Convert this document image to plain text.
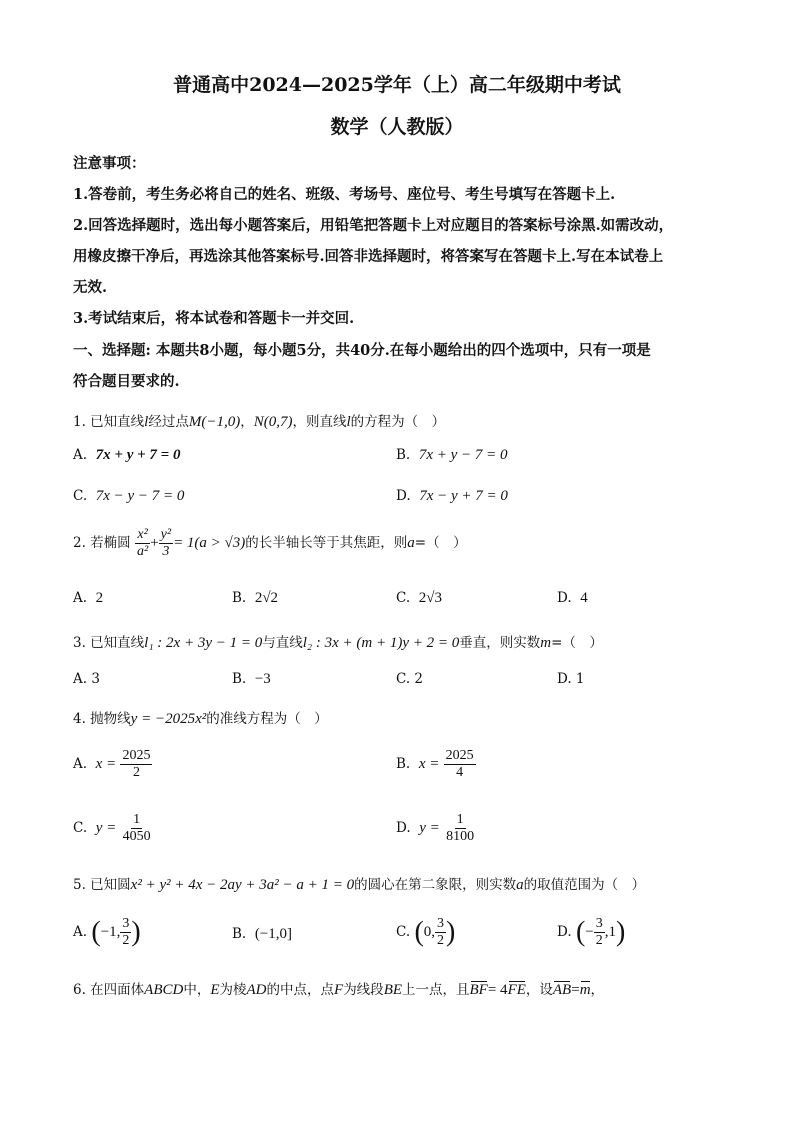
普通高中2024—2025学年（上）高二年级期中考试
数学（人教版）
注意事项：
1.答卷前，考生务必将自己的姓名、班级、考场号、座位号、考生号填写在答题卡上.
2.回答选择题时，选出每小题答案后，用铅笔把答题卡上对应题目的答案标号涂黑.如需改动，
用橡皮擦干净后，再选涂其他答案标号.回答非选择题时，将答案写在答题卡上.写在本试卷上
无效.
3.考试结束后，将本试卷和答题卡一并交回.
一、选择题: 本题共8小题，每小题5分，共40分.在每小题给出的四个选项中，只有一项是
符合题目要求的.
1. 已知直线l经过点M(−1,0)，N(0,7)，则直线l的方程为（　）
A. 7x + y + 7 = 0	B. 7x + y − 7 = 0
C. 7x − y − 7 = 0	D. 7x − y + 7 = 0
2. 若椭圆 $\frac{\text{x²}}{\text{a²}} + \frac{\text{y²}}{3} = 1(a > √3)$的长半轴长等于其焦距，则a=（　）
A. 2	B. 2√2	C. 2√3	D. 4
3. 已知直线l₁ : 2x + 3y − 1 = 0与直线l₂ : 3x + (m + 1)y + 2 = 0垂直，则实数m=（　）
A. 3	B. −3	C. 2	D. 1
4. 抛物线y = −2025x²的准线方程为（　）
A. $x = \frac{2025}{2}$	B. $x = \frac{2025}{4}$
C. $y = \frac{1}{4050}$	D. $y = \frac{1}{8100}$
5. 已知圆x² + y² + 4x − 2ay + 3a² − a + 1 = 0的圆心在第二象限，则实数a的取值范围为（　）
A. (−1, $\frac{3}{2}$ )	B. (−1,0]	C. (0, $\frac{3}{2}$ )	D. (− $\frac{3}{2} ,1$)
6. 在四面体ABCD中，E为棱AD的中点，点F为线段BE上一点，且BF= 4FE，设AB=m，
